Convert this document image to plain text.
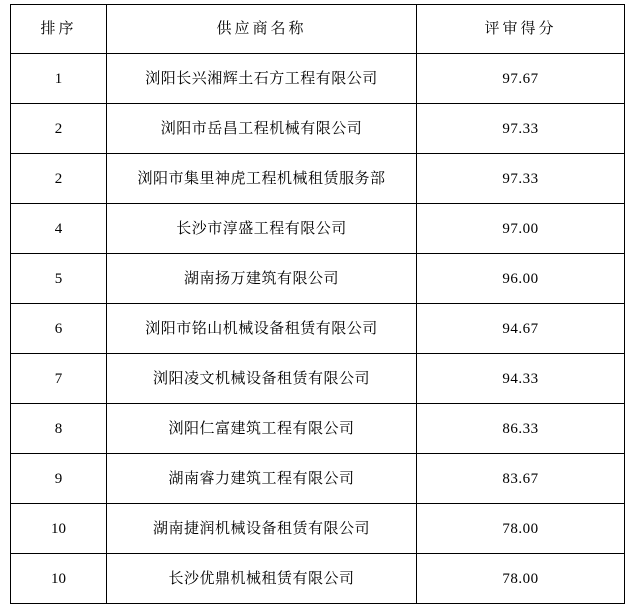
排序	供应商名称	评审得分
1	浏阳长兴湘辉土石方工程有限公司	97.67
2	浏阳市岳昌工程机械有限公司	97.33
2	浏阳市集里神虎工程机械租赁服务部	97.33
4	长沙市淳盛工程有限公司	97.00
5	湖南扬万建筑有限公司	96.00
6	浏阳市铭山机械设备租赁有限公司	94.67
7	浏阳凌文机械设备租赁有限公司	94.33
8	浏阳仁富建筑工程有限公司	86.33
9	湖南睿力建筑工程有限公司	83.67
10	湖南捷润机械设备租赁有限公司	78.00
10	长沙优鼎机械租赁有限公司	78.00
